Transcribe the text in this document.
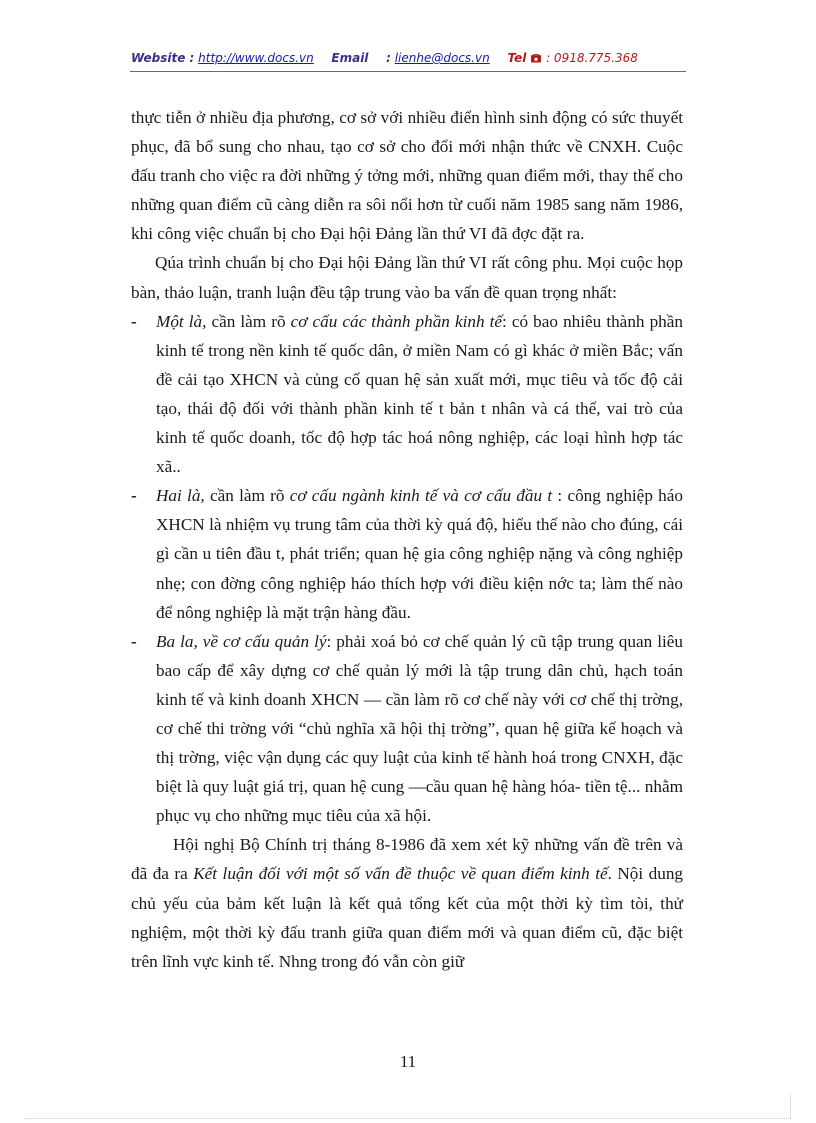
Website : http://www.docs.vn Email : lienhe@docs.vn Tel : 0918.775.368

thực tiễn ở nhiều địa phương, cơ sở với nhiều điển hình sinh động có sức thuyết phục, đã bổ sung cho nhau, tạo cơ sở cho đổi mới nhận thức về CNXH. Cuộc đấu tranh cho việc ra đời những ý tởng mới, những quan điểm mới, thay thế cho những quan điểm cũ càng diễn ra sôi nổi hơn từ cuối năm 1985 sang năm 1986, khi công việc chuẩn bị cho Đại hội Đảng lần thứ VI đã đợc đặt ra.

Qúa trình chuẩn bị cho Đại hội Đảng lần thứ VI rất công phu. Mọi cuộc họp bàn, thảo luận, tranh luận đều tập trung vào ba vấn đề quan trọng nhất:

- Một là, cần làm rõ cơ cấu các thành phần kinh tế: có bao nhiêu thành phần kinh tế trong nền kinh tế quốc dân, ở miền Nam có gì khác ở miền Bắc; vấn đề cải tạo XHCN và củng cố quan hệ sản xuất mới, mục tiêu và tốc độ cải tạo, thái độ đối với thành phần kinh tế t bản t nhân và cá thể, vai trò của kinh tế quốc doanh, tốc độ hợp tác hoá nông nghiệp, các loại hình hợp tác xã..
- Hai là, cần làm rõ cơ cấu ngành kinh tế và cơ cấu đầu t : công nghiệp háo XHCN là nhiệm vụ trung tâm của thời kỳ quá độ, hiểu thế nào cho đúng, cái gì cần u tiên đầu t, phát triển; quan hệ gia công nghiệp nặng và công nghiệp nhẹ; con đờng công nghiệp háo thích hợp với điều kiện nớc ta; làm thế nào để nông nghiệp là mặt trận hàng đầu.
- Ba la, về cơ cấu quản lý: phải xoá bỏ cơ chế quản lý cũ tập trung quan liêu bao cấp để xây dựng cơ chế quản lý mới là tập trung dân chủ, hạch toán kinh tế và kinh doanh XHCN — cần làm rõ cơ chế này với cơ chế thị trờng, cơ chế thi trờng với “chủ nghĩa xã hội thị trờng”, quan hệ giữa kế hoạch và thị trờng, việc vận dụng các quy luật của kinh tế hành hoá trong CNXH, đặc biệt là quy luật giá trị, quan hệ cung —cầu quan hệ hàng hóa- tiền tệ... nhằm phục vụ cho những mục tiêu của xã hội.

Hội nghị Bộ Chính trị tháng 8-1986 đã xem xét kỹ những vấn đề trên và đã đa ra Kết luận đối với một số vấn đề thuộc về quan điểm kinh tế. Nội dung chủ yếu của bảm kết luận là kết quả tổng kết của một thời kỳ tìm tòi, thử nghiệm, một thời kỳ đấu tranh giữa quan điểm mới và quan điểm cũ, đặc biệt trên lĩnh vực kinh tế. Nhng trong đó vẫn còn giữ

11
